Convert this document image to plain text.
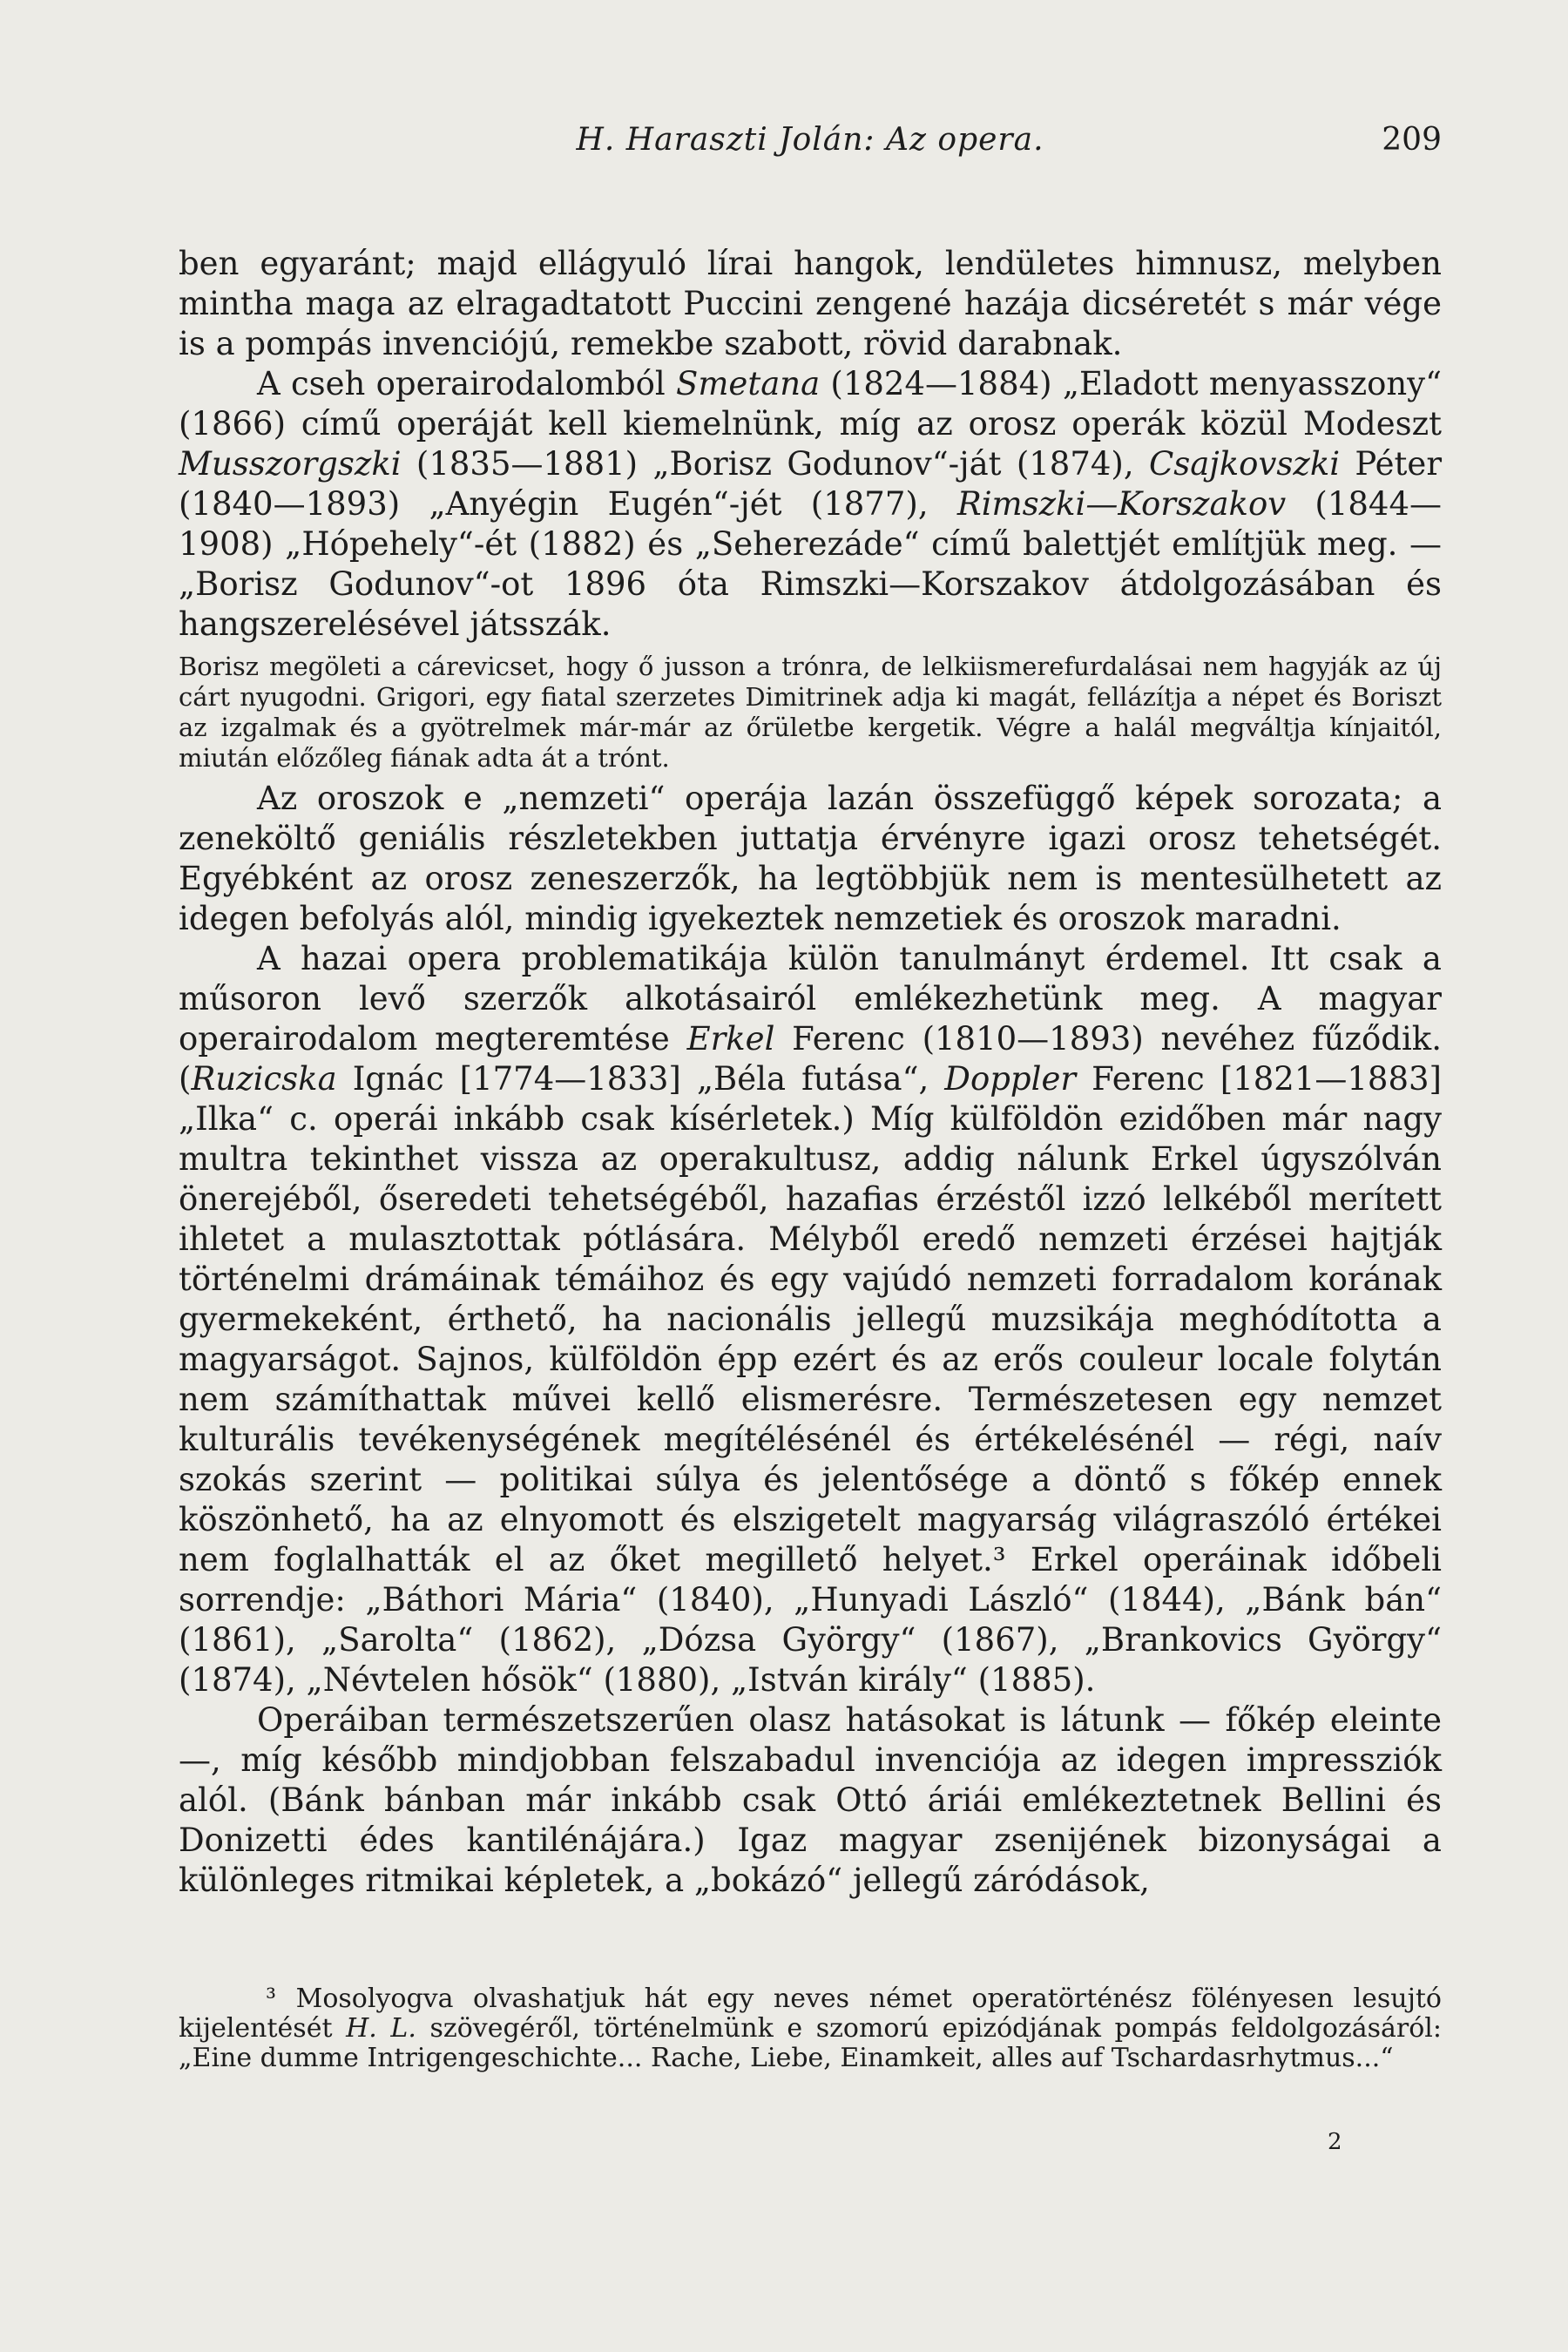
H. Haraszti Jolán: Az opera.	209

ben egyaránt; majd ellágyuló lírai hangok, lendületes himnusz, melyben mintha maga az elragadtatott Puccini zengené hazája dicséretét s már vége is a pompás invenciójú, remekbe szabott, rövid darabnak.

A cseh operairodalomból Smetana (1824—1884) „Eladott menyasszony“ (1866) című operáját kell kiemelnünk, míg az orosz operák közül Modeszt Musszorgszki (1835—1881) „Borisz Godunov“-ját (1874), Csajkovszki Péter (1840—1893) „Anyégin Eugén“-jét (1877), Rimszki—Korszakov (1844—1908) „Hópehely“-ét (1882) és „Seherezáde“ című balettjét említjük meg. — „Borisz Godunov“-ot 1896 óta Rimszki—Korszakov átdolgozásában és hangszerelésével játsszák.

Borisz megöleti a cárevicset, hogy ő jusson a trónra, de lelkiismerefurdalásai nem hagyják az új cárt nyugodni. Grigori, egy fiatal szerzetes Dimitrinek adja ki magát, fellázítja a népet és Boriszt az izgalmak és a gyötrelmek már-már az őrületbe kergetik. Végre a halál megváltja kínjaitól, miután előzőleg fiának adta át a trónt.

Az oroszok e „nemzeti“ operája lazán összefüggő képek sorozata; a zeneköltő geniális részletekben juttatja érvényre igazi orosz tehetségét. Egyébként az orosz zeneszerzők, ha legtöbbjük nem is mentesülhetett az idegen befolyás alól, mindig igyekeztek nemzetiek és oroszok maradni.

A hazai opera problematikája külön tanulmányt érdemel. Itt csak a műsoron levő szerzők alkotásairól emlékezhetünk meg. A magyar operairodalom megteremtése Erkel Ferenc (1810—1893) nevéhez fűződik. (Ruzicska Ignác [1774—1833] „Béla futása“, Doppler Ferenc [1821—1883] „Ilka“ c. operái inkább csak kísérletek.) Míg külföldön ezidőben már nagy multra tekinthet vissza az operakultusz, addig nálunk Erkel úgyszólván önerejéből, őseredeti tehetségéből, hazafias érzéstől izzó lelkéből merített ihletet a mulasztottak pótlására. Mélyből eredő nemzeti érzései hajtják történelmi drámáinak témáihoz és egy vajúdó nemzeti forradalom korának gyermekeként, érthető, ha nacionális jellegű muzsikája meghódította a magyarságot. Sajnos, külföldön épp ezért és az erős couleur locale folytán nem számíthattak művei kellő elismerésre. Természetesen egy nemzet kulturális tevékenységének megítélésénél és értékelésénél — régi, naív szokás szerint — politikai súlya és jelentősége a döntő s főkép ennek köszönhető, ha az elnyomott és elszigetelt magyarság világraszóló értékei nem foglalhatták el az őket megillető helyet.³ Erkel operáinak időbeli sorrendje: „Báthori Mária“ (1840), „Hunyadi László“ (1844), „Bánk bán“ (1861), „Sarolta“ (1862), „Dózsa György“ (1867), „Brankovics György“ (1874), „Névtelen hősök“ (1880), „István király“ (1885).

Operáiban természetszerűen olasz hatásokat is látunk — főkép eleinte —, míg később mindjobban felszabadul invenciója az idegen impressziók alól. (Bánk bánban már inkább csak Ottó áriái emlékeztetnek Bellini és Donizetti édes kantilénájára.) Igaz magyar zsenijének bizonyságai a különleges ritmikai képletek, a „bokázó“ jellegű záródások,

³ Mosolyogva olvashatjuk hát egy neves német operatörténész fölényesen lesujtó kijelentését H. L. szövegéről, történelmünk e szomorú epizódjának pompás feldolgozásáról: „Eine dumme Intrigengeschichte... Rache, Liebe, Einamkeit, alles auf Tschardasrhytmus...“

2
